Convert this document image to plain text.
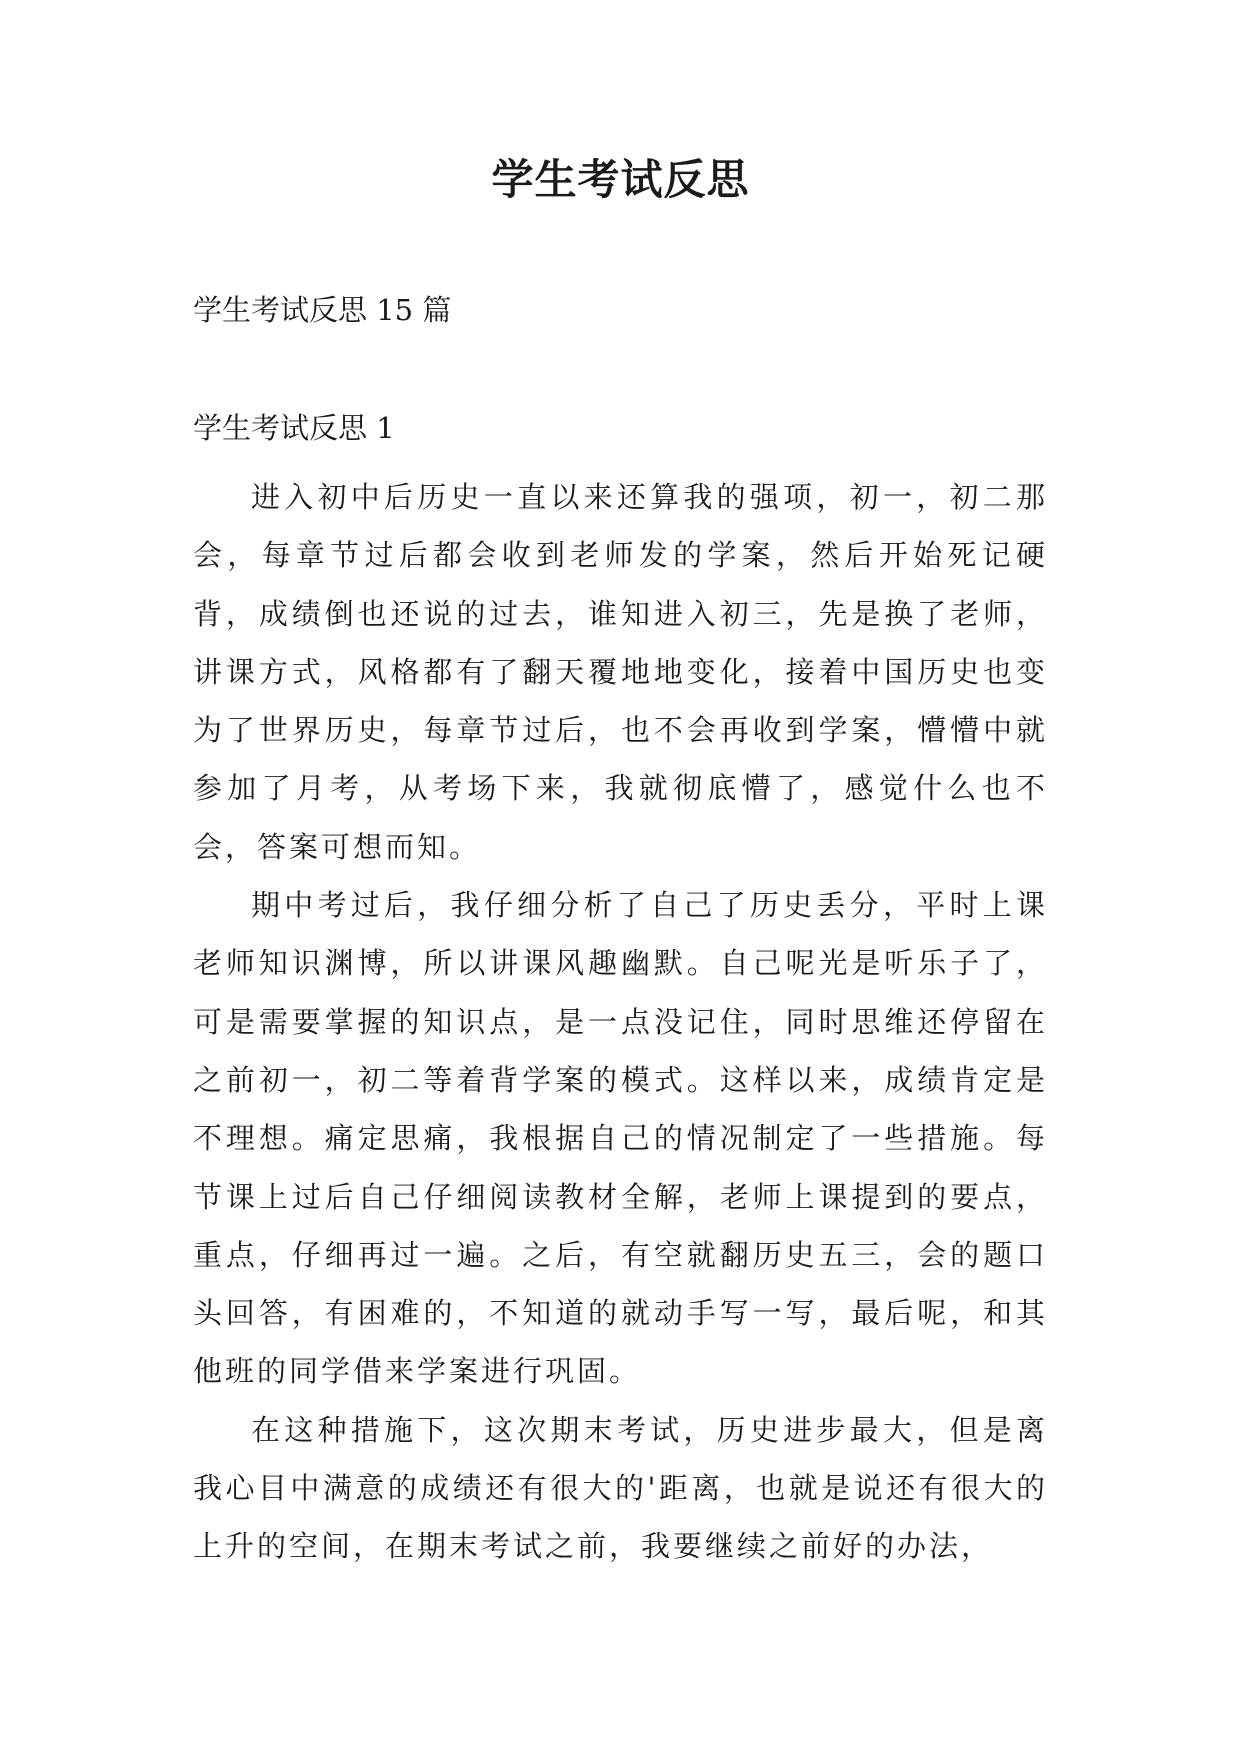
学生考试反思

学生考试反思 15 篇

学生考试反思 1

进入初中后历史一直以来还算我的强项，初一，初二那会，每章节过后都会收到老师发的学案，然后开始死记硬背，成绩倒也还说的过去，谁知进入初三，先是换了老师，讲课方式，风格都有了翻天覆地地变化，接着中国历史也变为了世界历史，每章节过后，也不会再收到学案，懵懵中就参加了月考，从考场下来，我就彻底懵了，感觉什么也不会，答案可想而知。

期中考过后，我仔细分析了自己了历史丢分，平时上课老师知识渊博，所以讲课风趣幽默。自己呢光是听乐子了，可是需要掌握的知识点，是一点没记住，同时思维还停留在之前初一，初二等着背学案的模式。这样以来，成绩肯定是不理想。痛定思痛，我根据自己的情况制定了一些措施。每节课上过后自己仔细阅读教材全解，老师上课提到的要点，重点，仔细再过一遍。之后，有空就翻历史五三，会的题口头回答，有困难的，不知道的就动手写一写，最后呢，和其他班的同学借来学案进行巩固。

在这种措施下，这次期末考试，历史进步最大，但是离我心目中满意的成绩还有很大的'距离，也就是说还有很大的上升的空间，在期末考试之前，我要继续之前好的办法，
